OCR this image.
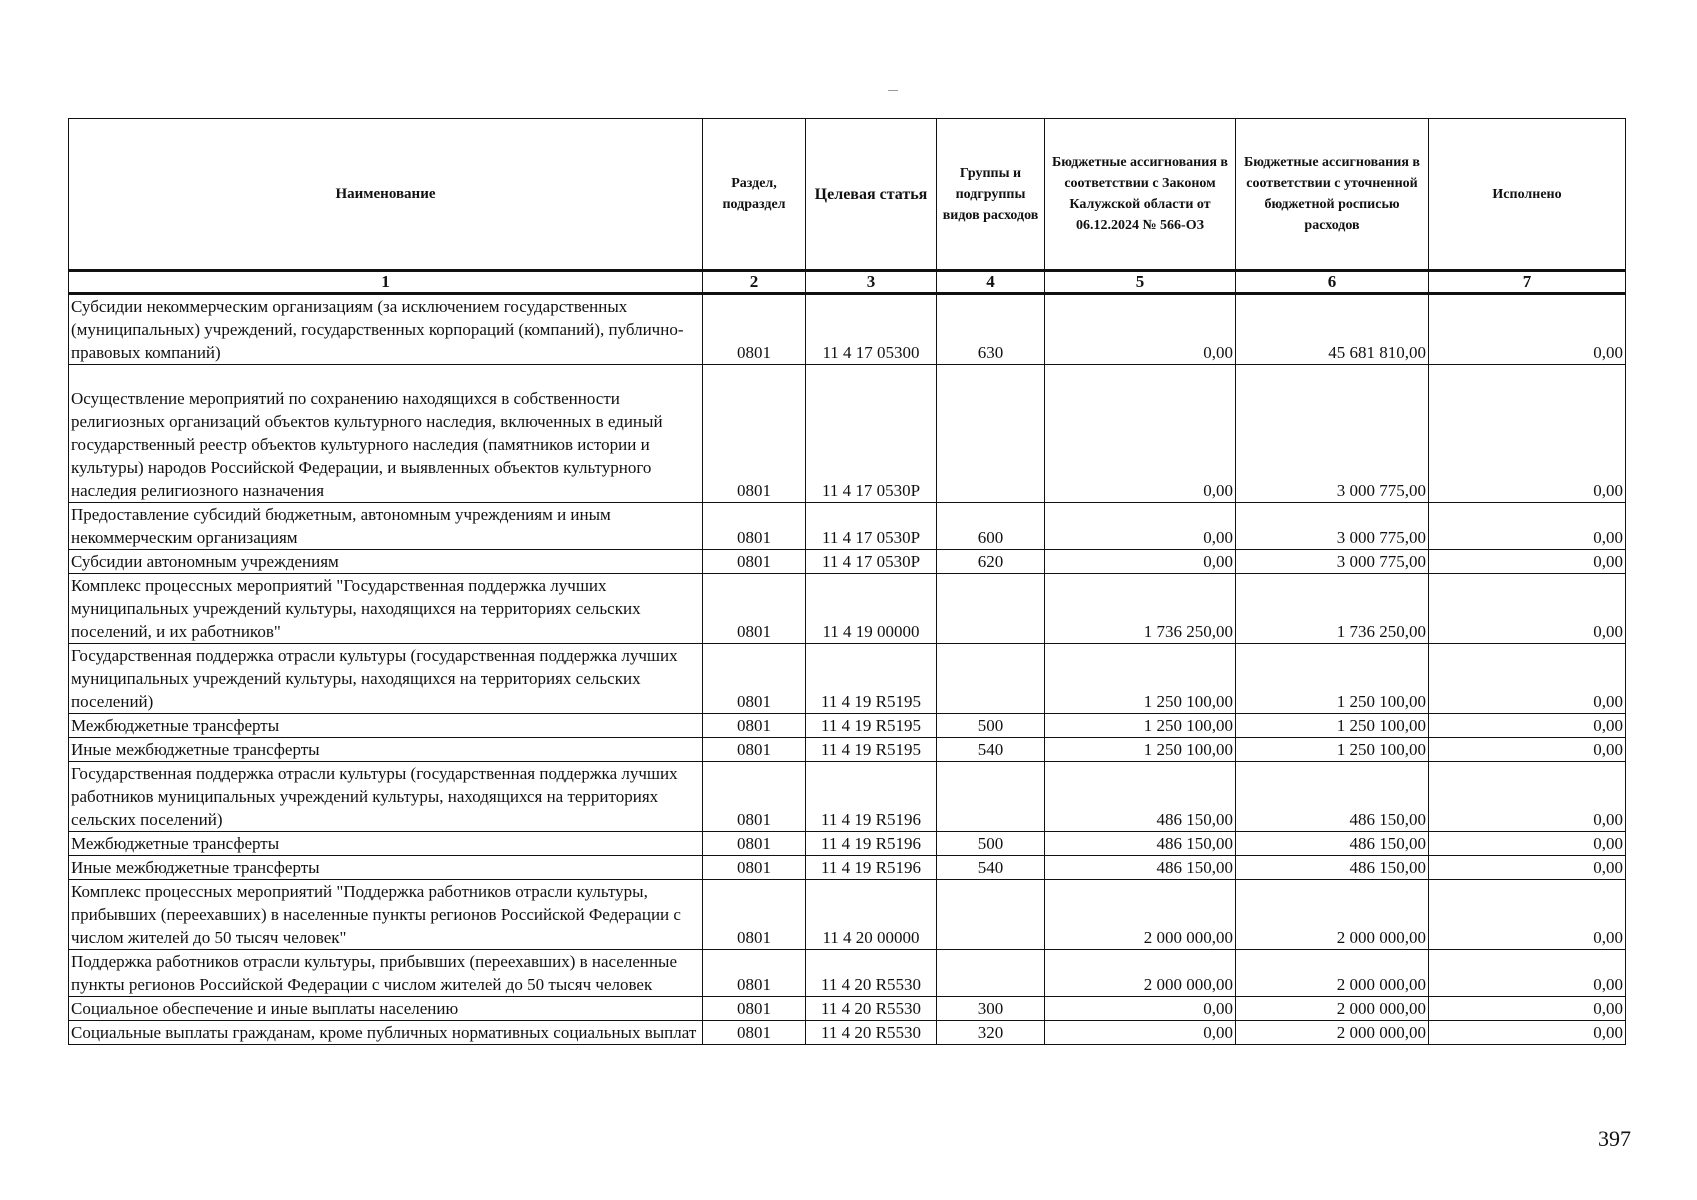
Наименование	Раздел, подраздел	Целевая статья	Группы и подгруппы видов расходов	Бюджетные ассигнования в соответствии с Законом Калужской области от 06.12.2024 № 566-ОЗ	Бюджетные ассигнования в соответствии с уточненной бюджетной росписью расходов	Исполнено
1	2	3	4	5	6	7
Субсидии некоммерческим организациям (за исключением государственных (муниципальных) учреждений, государственных корпораций (компаний), публично-правовых компаний)	0801	11 4 17 05300	630	0,00	45 681 810,00	0,00
Осуществление мероприятий по сохранению находящихся в собственности религиозных организаций объектов культурного наследия, включенных в единый государственный реестр объектов культурного наследия (памятников истории и культуры) народов Российской Федерации, и выявленных объектов культурного наследия религиозного назначения	0801	11 4 17 0530Р		0,00	3 000 775,00	0,00
Предоставление субсидий бюджетным, автономным учреждениям и иным некоммерческим организациям	0801	11 4 17 0530Р	600	0,00	3 000 775,00	0,00
Субсидии автономным учреждениям	0801	11 4 17 0530Р	620	0,00	3 000 775,00	0,00
Комплекс процессных мероприятий "Государственная поддержка лучших муниципальных учреждений культуры, находящихся на территориях сельских поселений, и их работников"	0801	11 4 19 00000		1 736 250,00	1 736 250,00	0,00
Государственная поддержка отрасли культуры (государственная поддержка лучших муниципальных учреждений культуры, находящихся на территориях сельских поселений)	0801	11 4 19 R5195		1 250 100,00	1 250 100,00	0,00
Межбюджетные трансферты	0801	11 4 19 R5195	500	1 250 100,00	1 250 100,00	0,00
Иные межбюджетные трансферты	0801	11 4 19 R5195	540	1 250 100,00	1 250 100,00	0,00
Государственная поддержка отрасли культуры (государственная поддержка лучших работников муниципальных учреждений культуры, находящихся на территориях сельских поселений)	0801	11 4 19 R5196		486 150,00	486 150,00	0,00
Межбюджетные трансферты	0801	11 4 19 R5196	500	486 150,00	486 150,00	0,00
Иные межбюджетные трансферты	0801	11 4 19 R5196	540	486 150,00	486 150,00	0,00
Комплекс процессных мероприятий "Поддержка работников отрасли культуры, прибывших (переехавших) в населенные пункты регионов Российской Федерации с числом жителей до 50 тысяч человек"	0801	11 4 20 00000		2 000 000,00	2 000 000,00	0,00
Поддержка работников отрасли культуры, прибывших (переехавших) в населенные пункты регионов Российской Федерации с числом жителей до 50 тысяч человек	0801	11 4 20 R5530		2 000 000,00	2 000 000,00	0,00
Социальное обеспечение и иные выплаты населению	0801	11 4 20 R5530	300	0,00	2 000 000,00	0,00
Социальные выплаты гражданам, кроме публичных нормативных социальных выплат	0801	11 4 20 R5530	320	0,00	2 000 000,00	0,00
397
